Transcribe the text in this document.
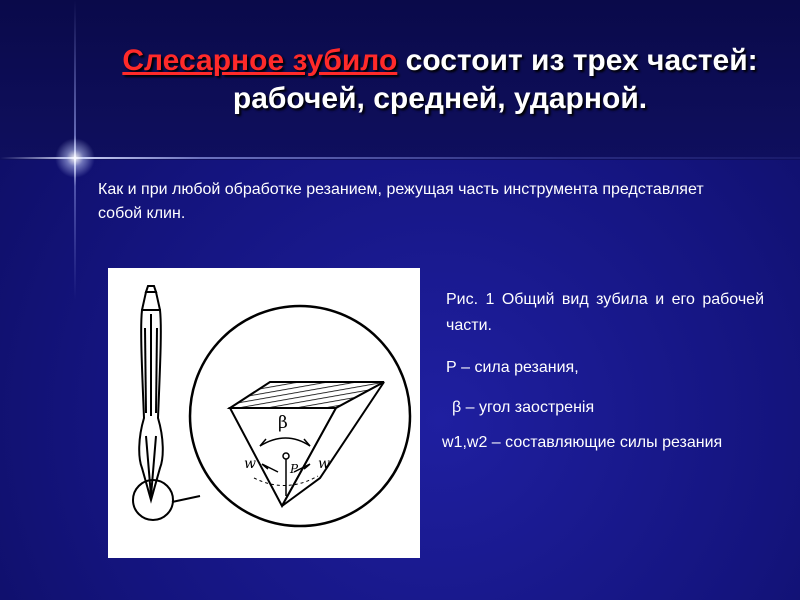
Слесарное зубило состоит из трех частей: рабочей, средней, ударной.

Как и при любой обработке резанием, режущая часть инструмента представляет собой клин.

β
w	w
P

Рис. 1 Общий вид зубила и его рабочей части.

Р – сила резания,
β – угол заостренія
w1,w2 – составляющие силы резания
